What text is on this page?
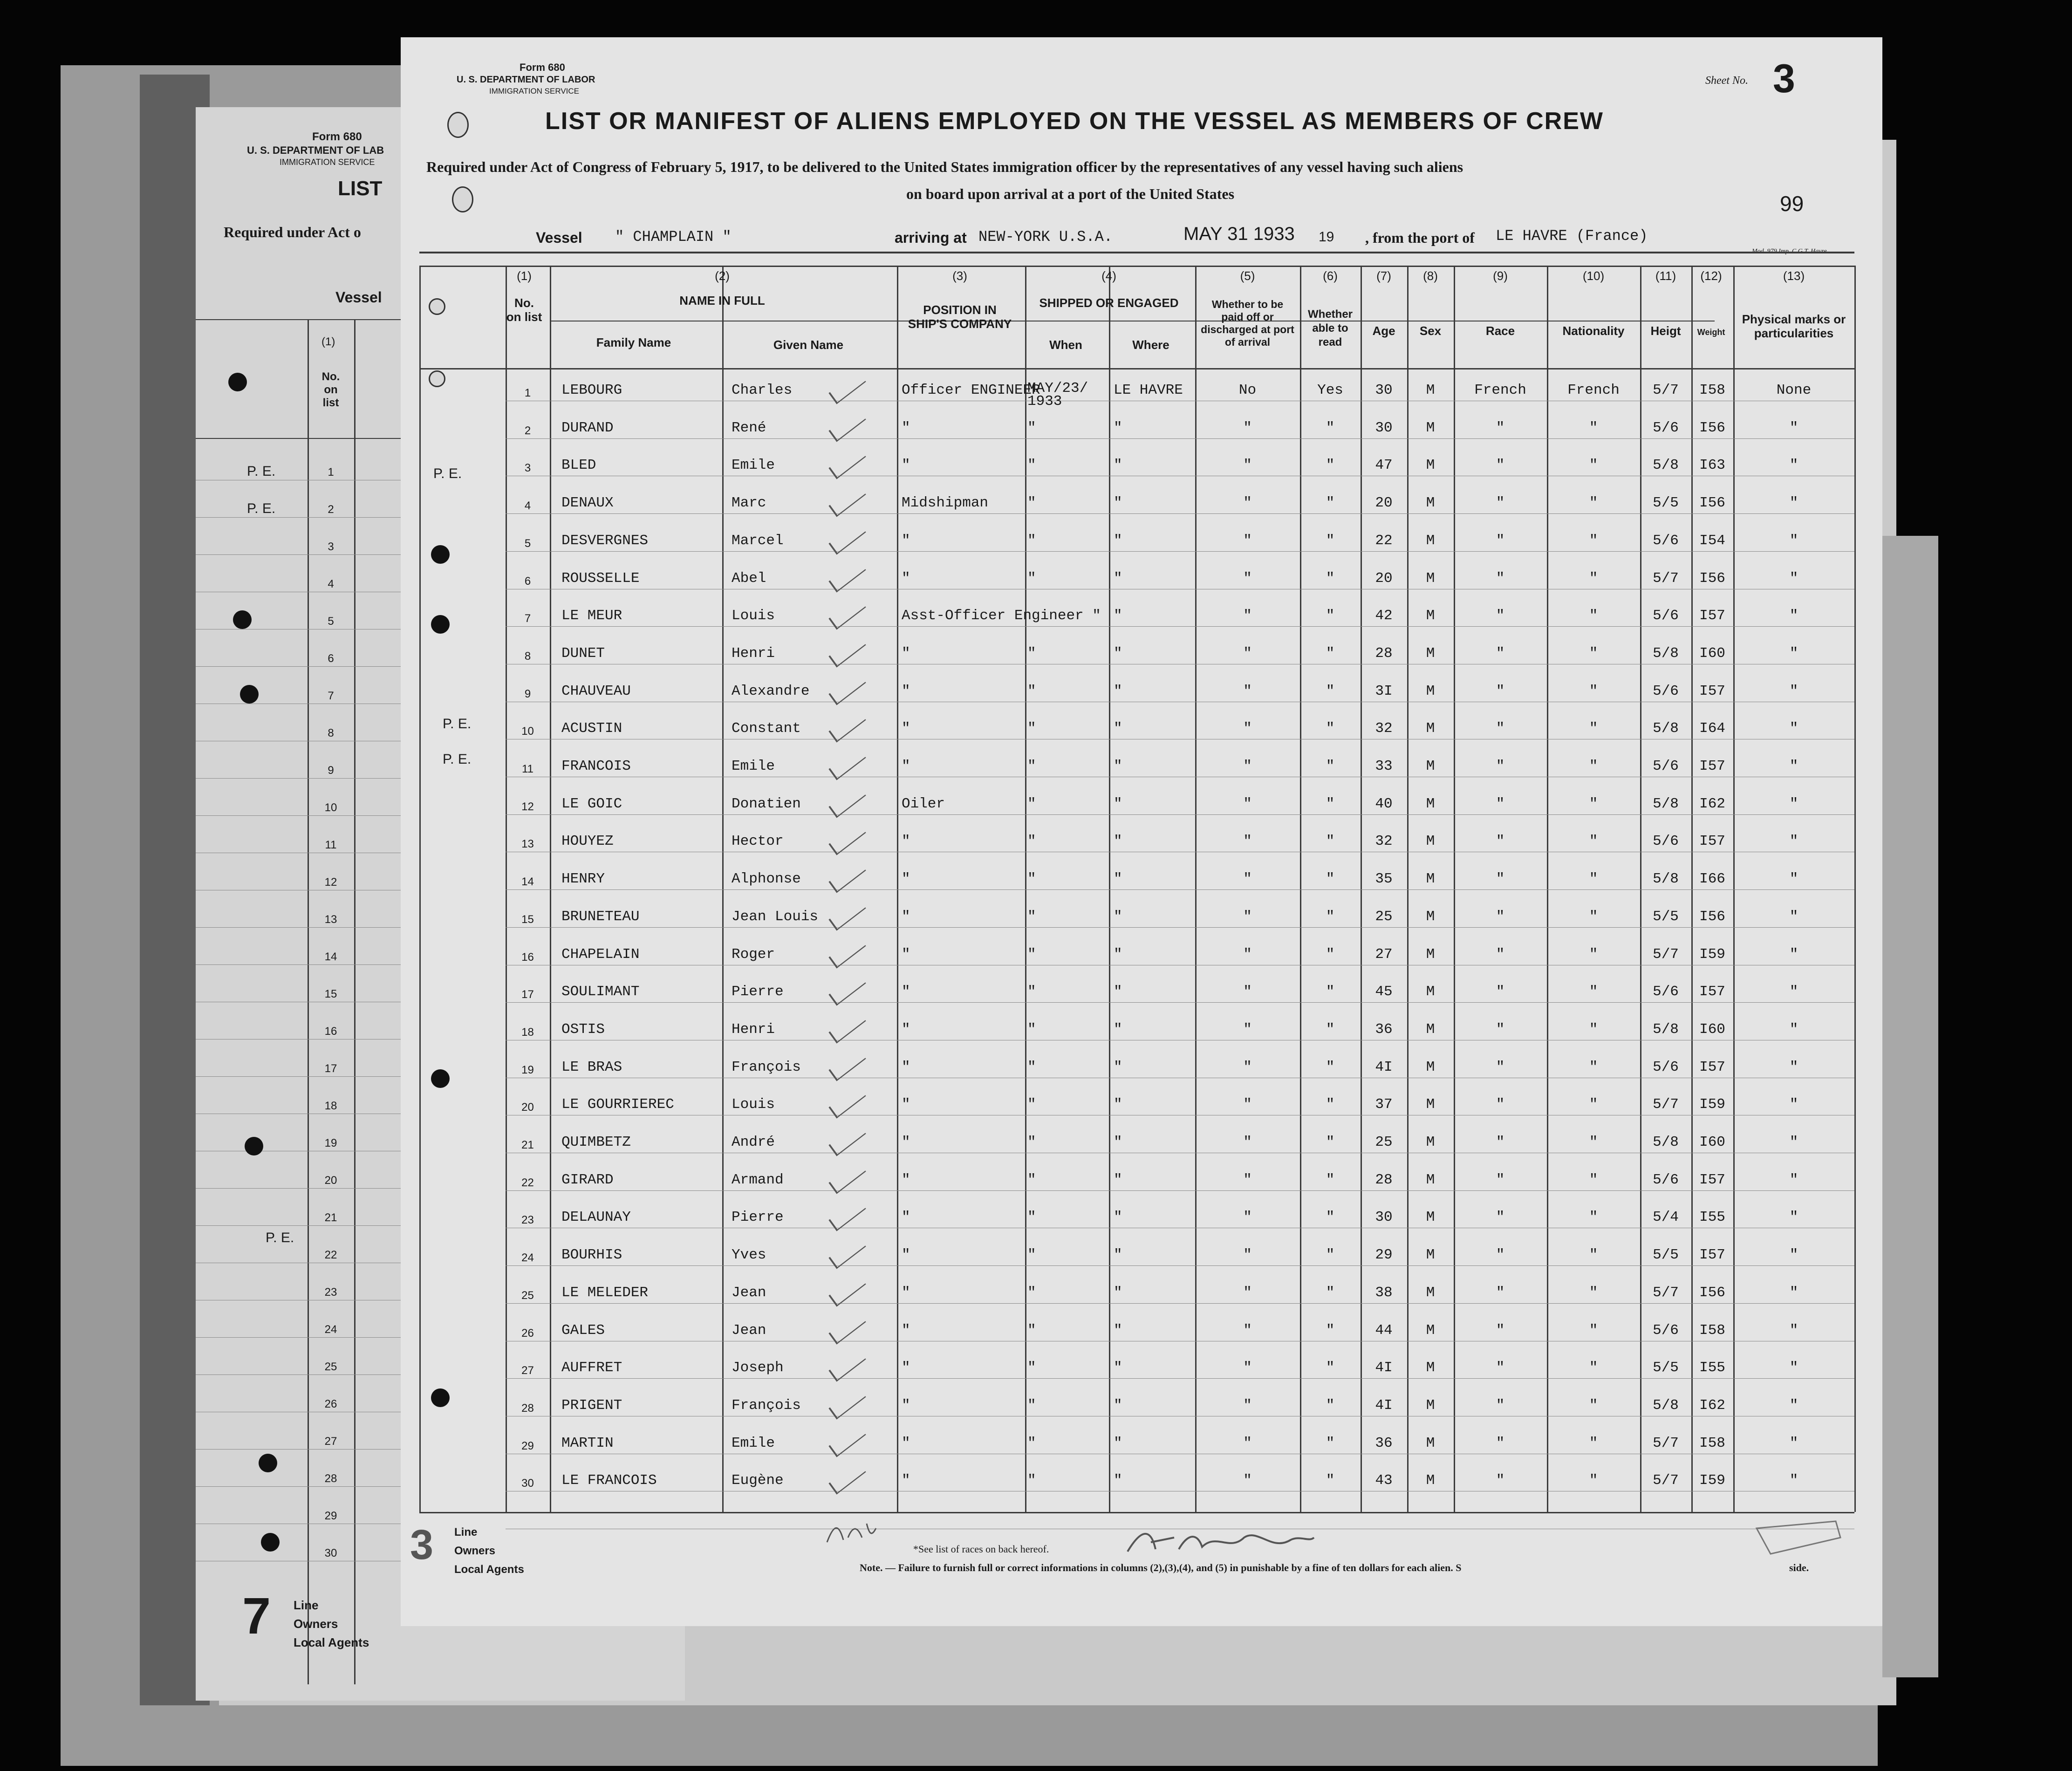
Form 680
U. S. DEPARTMENT OF LAB
IMMIGRATION SERVICE
LIST
Required under Act o
Vessel
(1)
No. on list
1
2
3
4
5
6
7
8
9
10
11
12
13
14
15
16
17
18
19
20
21
22
23
24
25
26
27
28
29
30
P. E.
P. E.
P. E.
7 Line
Owners
Local Agents
Form 680
U. S. DEPARTMENT OF LABOR
IMMIGRATION SERVICE
Sheet No. 3
LIST OR MANIFEST OF ALIENS EMPLOYED ON THE VESSEL AS MEMBERS OF CREW
Required under Act of Congress of February 5, 1917, to be delivered to the United States immigration officer by the representatives of any vessel having such aliens
on board upon arrival at a port of the United States	99
Vessel " CHAMPLAIN "	arriving at NEW-YORK U.S.A.	MAY 31 1933 19 , from the port of LE HAVRE (France)
(1)
No. on list
(2)
NAME IN FULL
Family Name	Given Name
(3)
POSITION IN SHIP'S COMPANY
(4)
SHIPPED OR ENGAGED
When	Where
(5)
Whether to be paid off or discharged at port of arrival
(6)
Whether able to read
(7)
Age
(8)
Sex
(9)
Race
(10)
Nationality
(11)
Heigt
(12)
Weight
(13)
Physical marks or particularities
1	LEBOURG	Charles	Officer ENGINEER
MAY/23/ 1933
LE HAVRE	No	Yes	30	M	French	French	5/7	I58	None
2	DURAND	René	"	"	"	"	"	30	M	"	"	5/6	I56	"
3	BLED	Emile	"	"	"	"	"	47	M	"	"	5/8	I63	"
4	DENAUX	Marc	Midshipman	"	"	"	"	20	M	"	"	5/5	I56	"
5	DESVERGNES	Marcel	"	"	"	"	"	22	M	"	"	5/6	I54	"
6	ROUSSELLE	Abel	"	"	"	"	"	20	M	"	"	5/7	I56	"
7	LE MEUR	Louis	Asst-Officer Engineer " "	"	"	42	M	"	"	5/6	I57	"
8	DUNET	Henri	"	"	"	"	"	28	M	"	"	5/8	I60	"
9	CHAUVEAU	Alexandre	"	"	"	"	"	3I	M	"	"	5/6	I57	"
10	ACUSTIN	Constant	"	"	"	"	"	32	M	"	"	5/8	I64	"
11	FRANCOIS	Emile	"	"	"	"	"	33	M	"	"	5/6	I57	"
12	LE GOIC	Donatien	Oiler	"	"	"	"	40	M	"	"	5/8	I62	"
13	HOUYEZ	Hector	"	"	"	"	"	32	M	"	"	5/6	I57	"
14	HENRY	Alphonse	"	"	"	"	"	35	M	"	"	5/8	I66	"
15	BRUNETEAU	Jean Louis	"	"	"	"	"	25	M	"	"	5/5	I56	"
16	CHAPELAIN	Roger	"	"	"	"	"	27	M	"	"	5/7	I59	"
17	SOULIMANT	Pierre	"	"	"	"	"	45	M	"	"	5/6	I57	"
18	OSTIS	Henri	"	"	"	"	"	36	M	"	"	5/8	I60	"
19	LE BRAS	François	"	"	"	"	"	4I	M	"	"	5/6	I57	"
20	LE GOURRIEREC	Louis	"	"	"	"	"	37	M	"	"	5/7	I59	"
21	QUIMBETZ	André	"	"	"	"	"	25	M	"	"	5/8	I60	"
22	GIRARD	Armand	"	"	"	"	"	28	M	"	"	5/6	I57	"
23	DELAUNAY	Pierre	"	"	"	"	"	30	M	"	"	5/4	I55	"
24	BOURHIS	Yves	"	"	"	"	"	29	M	"	"	5/5	I57	"
25	LE MELEDER	Jean	"	"	"	"	"	38	M	"	"	5/7	I56	"
26	GALES	Jean	"	"	"	"	"	44	M	"	"	5/6	I58	"
27	AUFFRET	Joseph	"	"	"	"	"	4I	M	"	"	5/5	I55	"
28	PRIGENT	François	"	"	"	"	"	4I	M	"	"	5/8	I62	"
29	MARTIN	Emile	"	"	"	"	"	36	M	"	"	5/7	I58	"
30	LE FRANCOIS	Eugène	"	"	"	"	"	43	M	"	"	5/7	I59	"
P. E.
P. E.
P. E.
3 Line
Owners
Local Agents
*See list of races on back hereof.
Note. — Failure to furnish full or correct informations in columns (2),(3),(4), and (5) in punishable by a fine of ten dollars for each alien. S	side.
